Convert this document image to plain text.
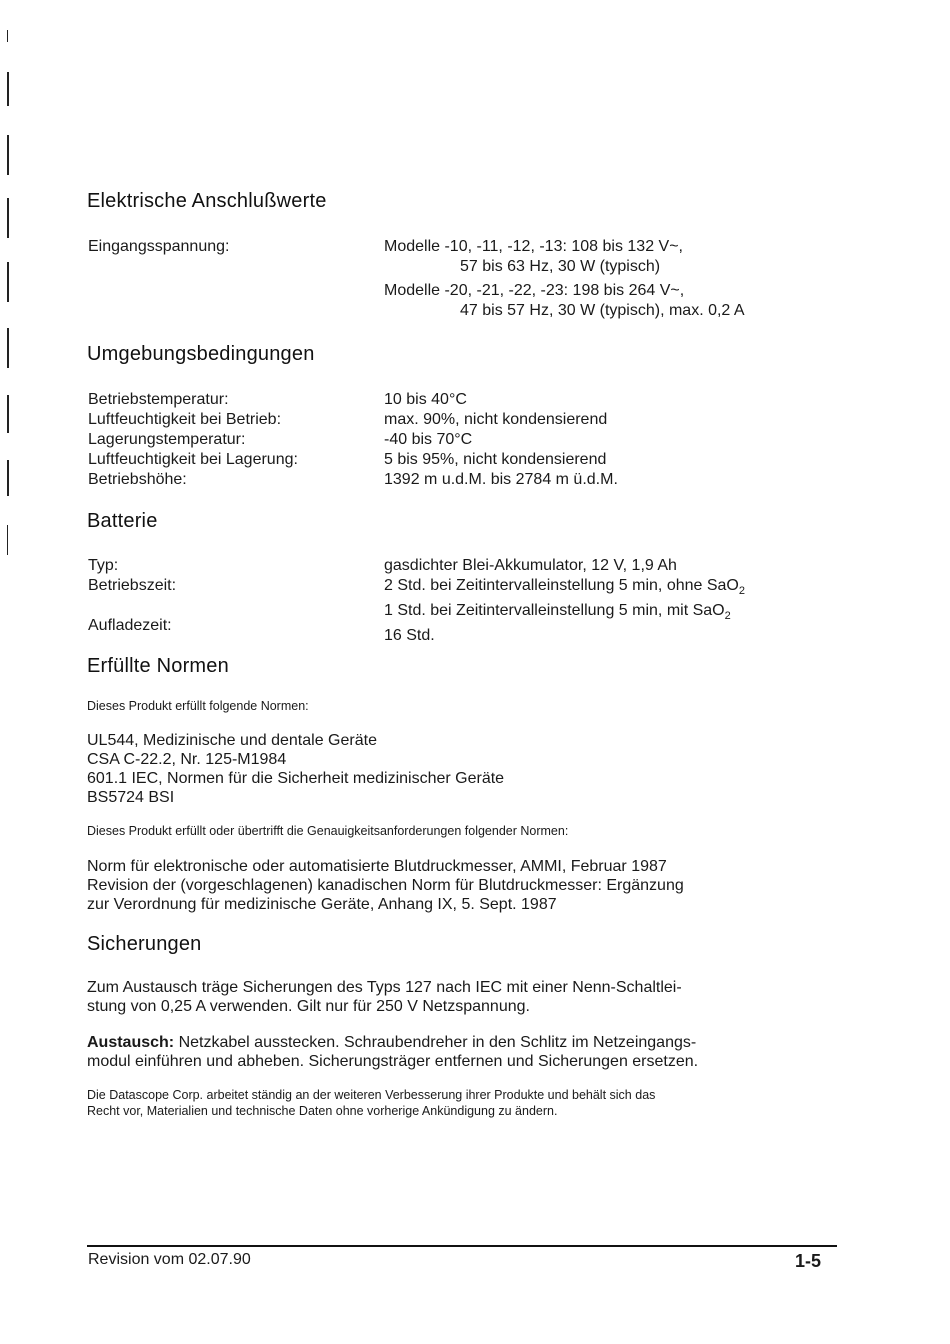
Elektrische Anschlußwerte
Eingangsspannung:	Modelle -10, -11, -12, -13: 108 bis 132 V~,
57 bis 63 Hz, 30 W (typisch)
Modelle -20, -21, -22, -23: 198 bis 264 V~,
47 bis 57 Hz, 30 W (typisch), max. 0,2 A
Umgebungsbedingungen
Betriebstemperatur:
Luftfeuchtigkeit bei Betrieb:
Lagerungstemperatur:
Luftfeuchtigkeit bei Lagerung:
Betriebshöhe:
10 bis 40°C
max. 90%, nicht kondensierend
-40 bis 70°C
5 bis 95%, nicht kondensierend
1392 m u.d.M. bis 2784 m ü.d.M.
Batterie
Typ:
Betriebszeit:
Aufladezeit:
gasdichter Blei-Akkumulator, 12 V, 1,9 Ah
2 Std. bei Zeitintervalleinstellung 5 min, ohne SaO$_2$
1 Std. bei Zeitintervalleinstellung 5 min, mit SaO$_2$
16 Std.
Erfüllte Normen
Dieses Produkt erfüllt folgende Normen:
UL544, Medizinische und dentale Geräte
CSA C-22.2, Nr. 125-M1984
601.1 IEC, Normen für die Sicherheit medizinischer Geräte
BS5724 BSI
Dieses Produkt erfüllt oder übertrifft die Genauigkeitsanforderungen folgender Normen:
Norm für elektronische oder automatisierte Blutdruckmesser, AMMI, Februar 1987
Revision der (vorgeschlagenen) kanadischen Norm für Blutdruckmesser: Ergänzung
zur Verordnung für medizinische Geräte, Anhang IX, 5. Sept. 1987
Sicherungen
Zum Austausch träge Sicherungen des Typs 127 nach IEC mit einer Nenn-Schaltlei-
stung von 0,25 A verwenden. Gilt nur für 250 V Netzspannung.
Austausch: Netzkabel ausstecken. Schraubendreher in den Schlitz im Netzeingangs-
modul einführen und abheben. Sicherungsträger entfernen und Sicherungen ersetzen.
Die Datascope Corp. arbeitet ständig an der weiteren Verbesserung ihrer Produkte und behält sich das
Recht vor, Materialien und technische Daten ohne vorherige Ankündigung zu ändern.
Revision vom 02.07.90	1-5
